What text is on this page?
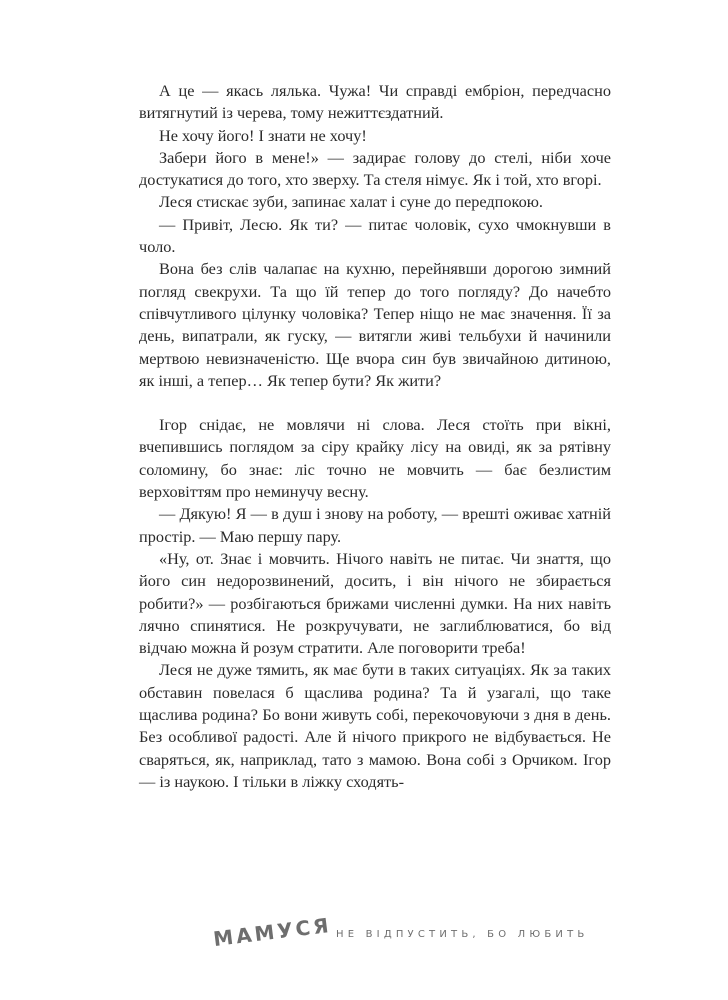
А це — якась лялька. Чужа! Чи справді ембріон, передчасно витягнутий із черева, тому нежиттєздатний.

Не хочу його! І знати не хочу!

Забери його в мене!» — задирає голову до стелі, ніби хоче достукатися до того, хто зверху. Та стеля німує. Як і той, хто вгорі.

Леся стискає зуби, запинає халат і суне до передпокою.

— Привіт, Лесю. Як ти? — питає чоловік, сухо чмокнувши в чоло.

Вона без слів чалапає на кухню, перейнявши дорогою зимний погляд свекрухи. Та що їй тепер до того погляду? До начебто співчутливого цілунку чоловіка? Тепер ніщо не має значення. Її за день, випатрали, як гуску, — витягли живі тельбухи й начинили мертвою невизначеністю. Ще вчора син був звичайною дитиною, як інші, а тепер… Як тепер бути? Як жити?

Ігор снідає, не мовлячи ні слова. Леся стоїть при вікні, вчепившись поглядом за сіру крайку лісу на овиді, як за рятівну соломину, бо знає: ліс точно не мовчить — бає безлистим верховіттям про неминучу весну.

— Дякую! Я — в душ і знову на роботу, — врешті оживає хатній простір. — Маю першу пару.

«Ну, от. Знає і мовчить. Нічого навіть не питає. Чи знаття, що його син недорозвинений, досить, і він нічого не збирається робити?» — розбігаються брижами численні думки. На них навіть лячно спинятися. Не розкручувати, не заглиблюватися, бо від відчаю можна й розум стратити. Але поговорити треба!

Леся не дуже тямить, як має бути в таких ситуаціях. Як за таких обставин повелася б щаслива родина? Та й узагалі, що таке щаслива родина? Бо вони живуть собі, перекочовуючи з дня в день. Без особливої радості. Але й нічого прикрого не відбувається. Не сваряться, як, наприклад, тато з мамою. Вона собі з Орчиком. Ігор — із наукою. І тільки в ліжку сходять-

МАМУСЯ НЕ ВІДПУСТИТЬ, БО ЛЮБИТЬ
